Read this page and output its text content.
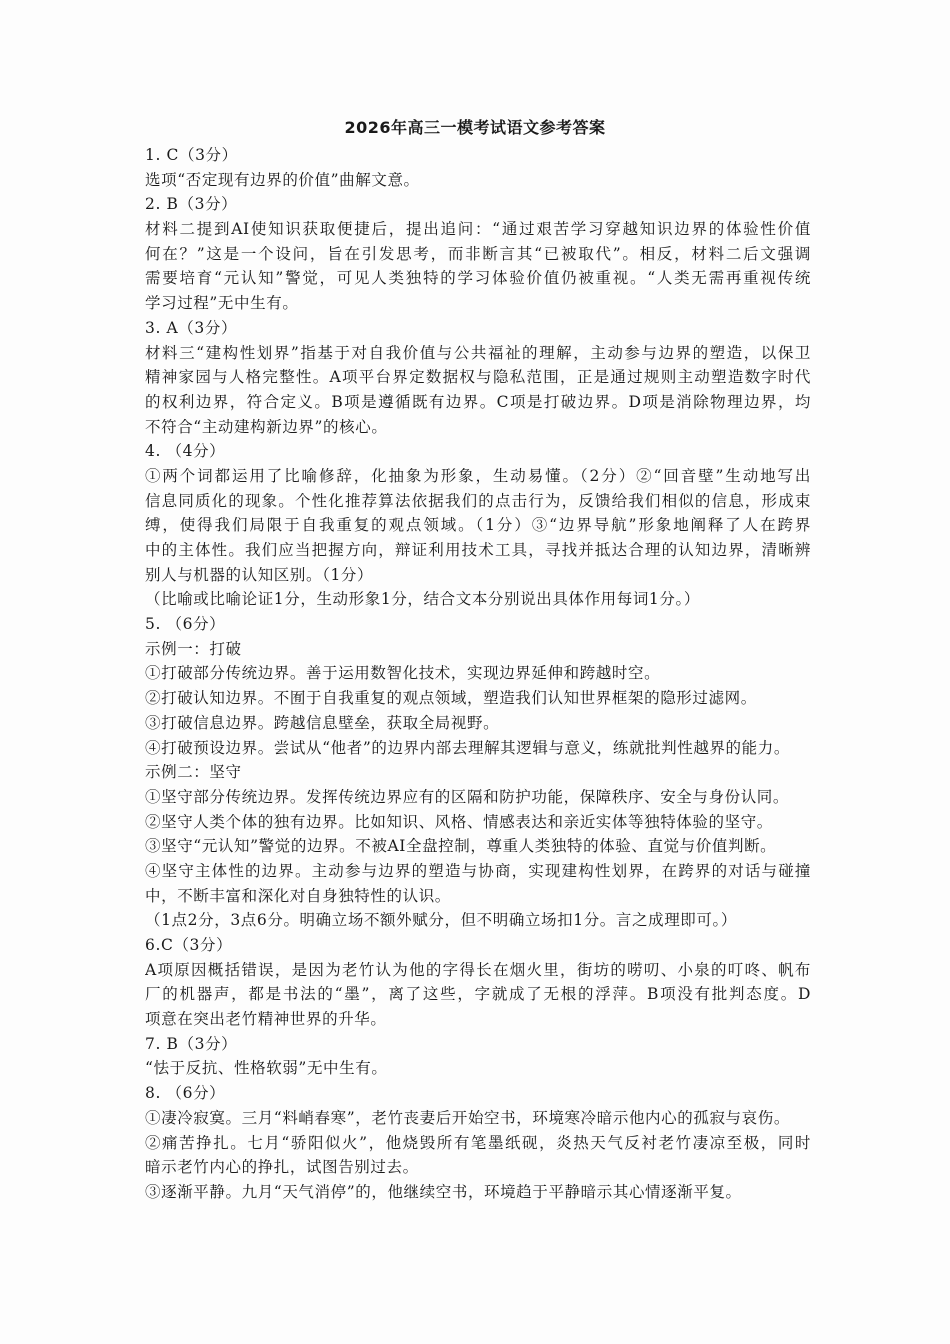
2026年高三一模考试语文参考答案
1. C（3分）
选项“否定现有边界的价值”曲解文意。
2. B（3分）
材料二提到AI使知识获取便捷后，提出追问：“通过艰苦学习穿越知识边界的体验性价值
何在？”这是一个设问，旨在引发思考，而非断言其“已被取代”。相反，材料二后文强调
需要培育“元认知”警觉，可见人类独特的学习体验价值仍被重视。“人类无需再重视传统
学习过程”无中生有。
3. A（3分）
材料三“建构性划界”指基于对自我价值与公共福祉的理解，主动参与边界的塑造，以保卫
精神家园与人格完整性。A项平台界定数据权与隐私范围，正是通过规则主动塑造数字时代
的权利边界，符合定义。B项是遵循既有边界。C项是打破边界。D项是消除物理边界，均
不符合“主动建构新边界”的核心。
4. （4分）
①两个词都运用了比喻修辞，化抽象为形象，生动易懂。（2分）②“回音壁”生动地写出
信息同质化的现象。个性化推荐算法依据我们的点击行为，反馈给我们相似的信息，形成束
缚，使得我们局限于自我重复的观点领域。（1分）③“边界导航”形象地阐释了人在跨界
中的主体性。我们应当把握方向，辩证利用技术工具，寻找并抵达合理的认知边界，清晰辨
别人与机器的认知区别。（1分）
（比喻或比喻论证1分，生动形象1分，结合文本分别说出具体作用每词1分。）
5. （6分）
示例一：打破
①打破部分传统边界。善于运用数智化技术，实现边界延伸和跨越时空。
②打破认知边界。不囿于自我重复的观点领域，塑造我们认知世界框架的隐形过滤网。
③打破信息边界。跨越信息壁垒，获取全局视野。
④打破预设边界。尝试从“他者”的边界内部去理解其逻辑与意义，练就批判性越界的能力。
示例二：坚守
①坚守部分传统边界。发挥传统边界应有的区隔和防护功能，保障秩序、安全与身份认同。
②坚守人类个体的独有边界。比如知识、风格、情感表达和亲近实体等独特体验的坚守。
③坚守“元认知”警觉的边界。不被AI全盘控制，尊重人类独特的体验、直觉与价值判断。
④坚守主体性的边界。主动参与边界的塑造与协商，实现建构性划界，在跨界的对话与碰撞
中，不断丰富和深化对自身独特性的认识。
（1点2分，3点6分。明确立场不额外赋分，但不明确立场扣1分。言之成理即可。）
6.C（3分）
A项原因概括错误，是因为老竹认为他的字得长在烟火里，街坊的唠叨、小泉的叮咚、帆布
厂的机器声，都是书法的“墨”，离了这些，字就成了无根的浮萍。B项没有批判态度。D
项意在突出老竹精神世界的升华。
7. B（3分）
“怯于反抗、性格软弱”无中生有。
8. （6分）
①凄冷寂寞。三月“料峭春寒”，老竹丧妻后开始空书，环境寒冷暗示他内心的孤寂与哀伤。
②痛苦挣扎。七月“骄阳似火”，他烧毁所有笔墨纸砚，炎热天气反衬老竹凄凉至极，同时
暗示老竹内心的挣扎，试图告别过去。
③逐渐平静。九月“天气消停”的，他继续空书，环境趋于平静暗示其心情逐渐平复。
